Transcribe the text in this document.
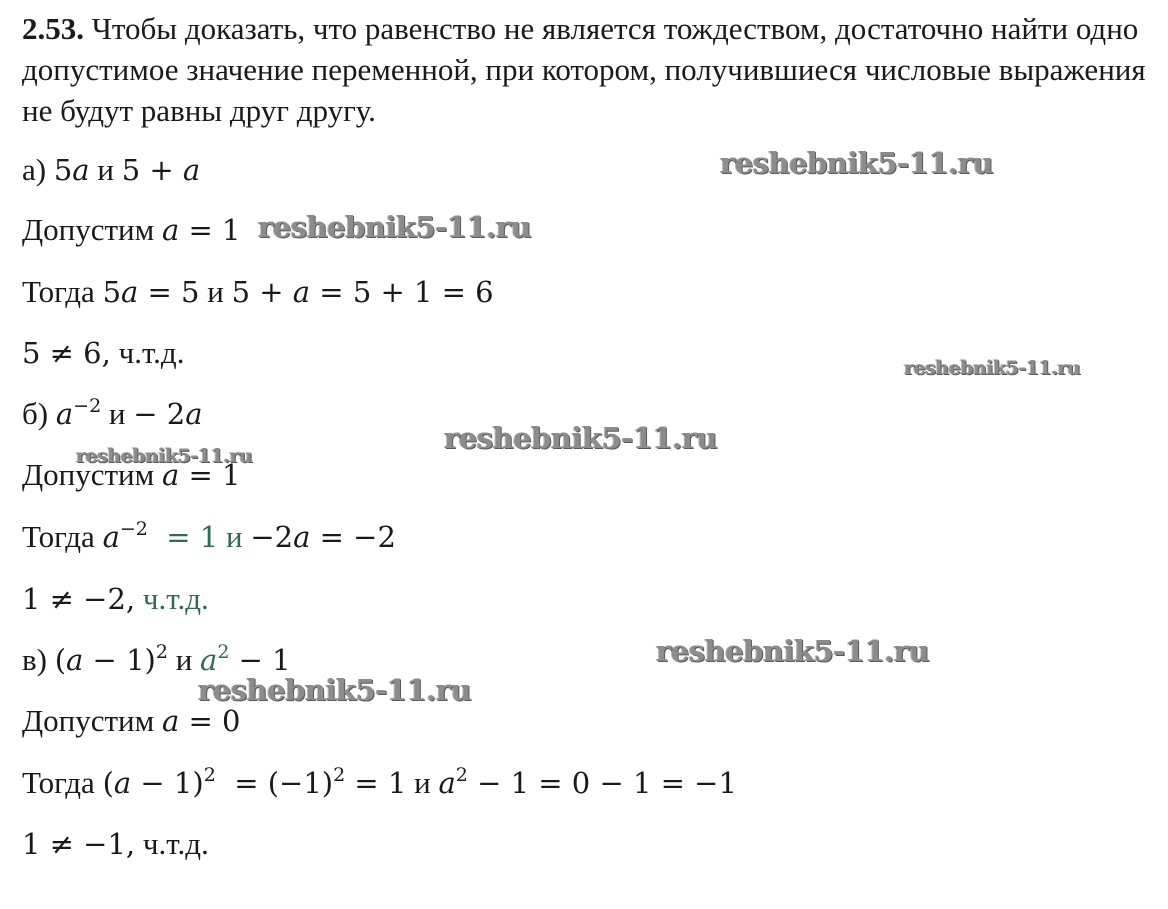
2.53. Чтобы доказать, что равенство не является тождеством, достаточно найти одно допустимое значение переменной, при котором, получившиеся числовые выражения не будут равны друг другу.

а) 5a и 5 + a

Допустим a = 1

Тогда 5a = 5 и 5 + a = 5 + 1 = 6

5 ≠ 6, ч.т.д.

б) $a^{-2}$ и − 2a

Допустим a = 1

Тогда $a^{-2} = 1$ и −2a = −2

1 ≠ −2, ч.т.д.

в) $(a - 1)^2$ и $a^2 - 1$

Допустим a = 0

Тогда $(a - 1)^2 = (-1)^2 = 1$ и $a^2 - 1 = 0 - 1 = -1$

1 ≠ −1, ч.т.д.

reshebnik5-11.ru
reshebnik5-11.ru
reshebnik5-11.ru
reshebnik5-11.ru
reshebnik5-11.ru
reshebnik5-11.ru
reshebnik5-11.ru
